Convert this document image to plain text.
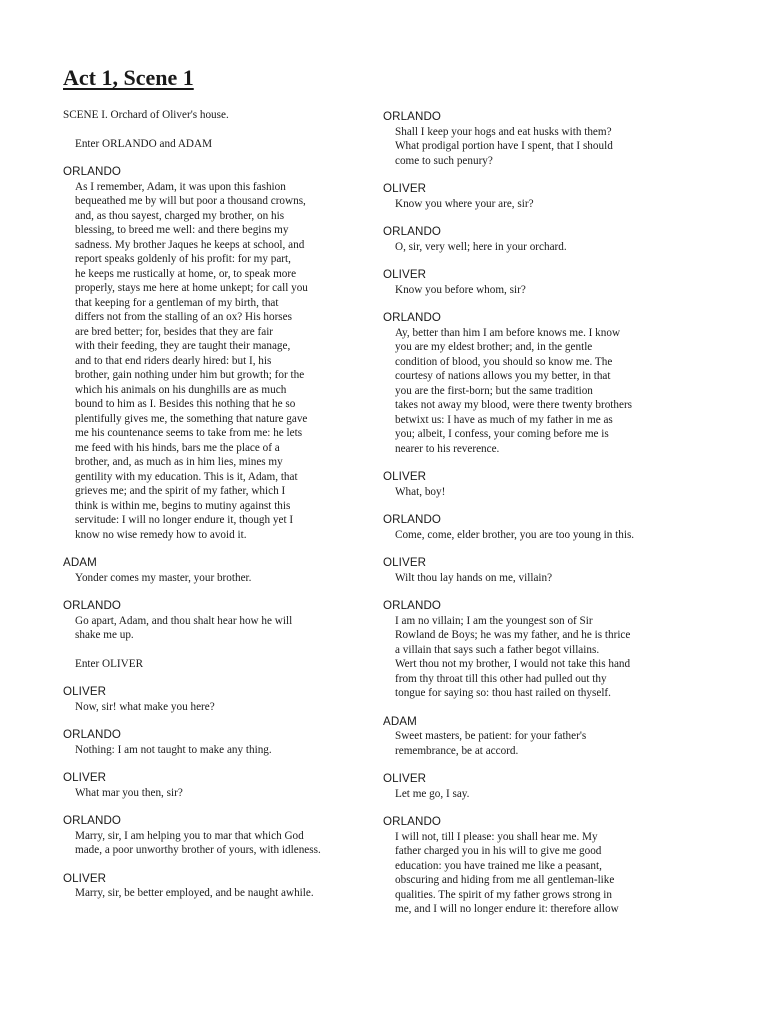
Act 1, Scene 1
SCENE I. Orchard of Oliver's house.
Enter ORLANDO and ADAM
ORLANDO
As I remember, Adam, it was upon this fashion
bequeathed me by will but poor a thousand crowns,
and, as thou sayest, charged my brother, on his
blessing, to breed me well: and there begins my
sadness. My brother Jaques he keeps at school, and
report speaks goldenly of his profit: for my part,
he keeps me rustically at home, or, to speak more
properly, stays me here at home unkept; for call you
that keeping for a gentleman of my birth, that
differs not from the stalling of an ox? His horses
are bred better; for, besides that they are fair
with their feeding, they are taught their manage,
and to that end riders dearly hired: but I, his
brother, gain nothing under him but growth; for the
which his animals on his dunghills are as much
bound to him as I. Besides this nothing that he so
plentifully gives me, the something that nature gave
me his countenance seems to take from me: he lets
me feed with his hinds, bars me the place of a
brother, and, as much as in him lies, mines my
gentility with my education. This is it, Adam, that
grieves me; and the spirit of my father, which I
think is within me, begins to mutiny against this
servitude: I will no longer endure it, though yet I
know no wise remedy how to avoid it.
ADAM
Yonder comes my master, your brother.
ORLANDO
Go apart, Adam, and thou shalt hear how he will
shake me up.
Enter OLIVER
OLIVER
Now, sir! what make you here?
ORLANDO
Nothing: I am not taught to make any thing.
OLIVER
What mar you then, sir?
ORLANDO
Marry, sir, I am helping you to mar that which God
made, a poor unworthy brother of yours, with idleness.
OLIVER
Marry, sir, be better employed, and be naught awhile.
ORLANDO
Shall I keep your hogs and eat husks with them?
What prodigal portion have I spent, that I should
come to such penury?
OLIVER
Know you where your are, sir?
ORLANDO
O, sir, very well; here in your orchard.
OLIVER
Know you before whom, sir?
ORLANDO
Ay, better than him I am before knows me. I know
you are my eldest brother; and, in the gentle
condition of blood, you should so know me. The
courtesy of nations allows you my better, in that
you are the first-born; but the same tradition
takes not away my blood, were there twenty brothers
betwixt us: I have as much of my father in me as
you; albeit, I confess, your coming before me is
nearer to his reverence.
OLIVER
What, boy!
ORLANDO
Come, come, elder brother, you are too young in this.
OLIVER
Wilt thou lay hands on me, villain?
ORLANDO
I am no villain; I am the youngest son of Sir
Rowland de Boys; he was my father, and he is thrice
a villain that says such a father begot villains.
Wert thou not my brother, I would not take this hand
from thy throat till this other had pulled out thy
tongue for saying so: thou hast railed on thyself.
ADAM
Sweet masters, be patient: for your father's
remembrance, be at accord.
OLIVER
Let me go, I say.
ORLANDO
I will not, till I please: you shall hear me. My
father charged you in his will to give me good
education: you have trained me like a peasant,
obscuring and hiding from me all gentleman-like
qualities. The spirit of my father grows strong in
me, and I will no longer endure it: therefore allow
